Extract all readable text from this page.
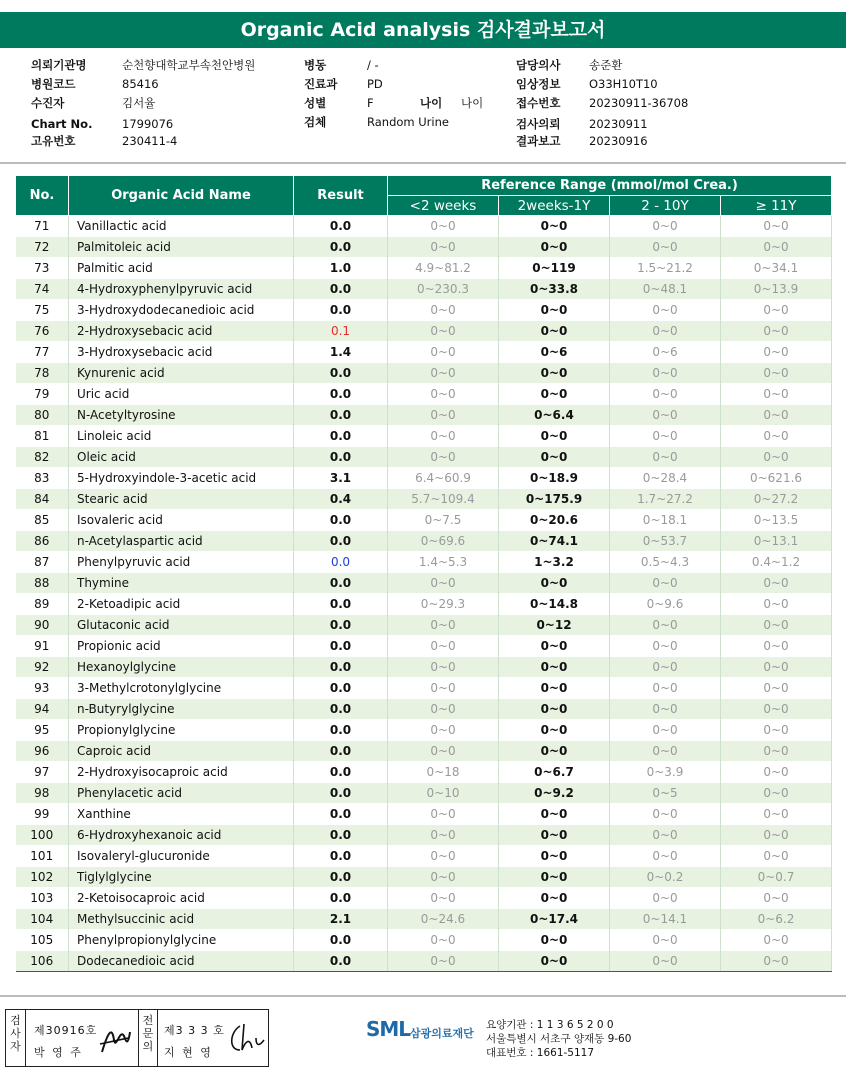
Organic Acid analysis 검사결과보고서
의뢰기관명	순천향대학교부속천안병원
병원코드	85416
수진자	김서율
Chart No.	1799076
고유번호	230411-4
병동	/ -
진료과	PD
성별	F	나이 나이
검체	Random Urine
담당의사 송준환
임상정보 O33H10T10
접수번호 20230911-36708
검사의뢰 20230911
결과보고 20230916
No.	Organic Acid Name	Result	Reference Range (mmol/mol Crea.)			
			<2 weeks	2weeks-1Y	2 - 10Y	≥ 11Y
71	Vanillactic acid	0.0	0~0	0~0	0~0	0~0
72	Palmitoleic acid	0.0	0~0	0~0	0~0	0~0
73	Palmitic acid	1.0	4.9~81.2	0~119	1.5~21.2	0~34.1
74	4-Hydroxyphenylpyruvic acid	0.0	0~230.3	0~33.8	0~48.1	0~13.9
75	3-Hydroxydodecanedioic acid	0.0	0~0	0~0	0~0	0~0
76	2-Hydroxysebacic acid	0.1	0~0	0~0	0~0	0~0
77	3-Hydroxysebacic acid	1.4	0~0	0~6	0~6	0~0
78	Kynurenic acid	0.0	0~0	0~0	0~0	0~0
79	Uric acid	0.0	0~0	0~0	0~0	0~0
80	N-Acetyltyrosine	0.0	0~0	0~6.4	0~0	0~0
81	Linoleic acid	0.0	0~0	0~0	0~0	0~0
82	Oleic acid	0.0	0~0	0~0	0~0	0~0
83	5-Hydroxyindole-3-acetic acid	3.1	6.4~60.9	0~18.9	0~28.4	0~621.6
84	Stearic acid	0.4	5.7~109.4	0~175.9	1.7~27.2	0~27.2
85	Isovaleric acid	0.0	0~7.5	0~20.6	0~18.1	0~13.5
86	n-Acetylaspartic acid	0.0	0~69.6	0~74.1	0~53.7	0~13.1
87	Phenylpyruvic acid	0.0	1.4~5.3	1~3.2	0.5~4.3	0.4~1.2
88	Thymine	0.0	0~0	0~0	0~0	0~0
89	2-Ketoadipic acid	0.0	0~29.3	0~14.8	0~9.6	0~0
90	Glutaconic acid	0.0	0~0	0~12	0~0	0~0
91	Propionic acid	0.0	0~0	0~0	0~0	0~0
92	Hexanoylglycine	0.0	0~0	0~0	0~0	0~0
93	3-Methylcrotonylglycine	0.0	0~0	0~0	0~0	0~0
94	n-Butyrylglycine	0.0	0~0	0~0	0~0	0~0
95	Propionylglycine	0.0	0~0	0~0	0~0	0~0
96	Caproic acid	0.0	0~0	0~0	0~0	0~0
97	2-Hydroxyisocaproic acid	0.0	0~18	0~6.7	0~3.9	0~0
98	Phenylacetic acid	0.0	0~10	0~9.2	0~5	0~0
99	Xanthine	0.0	0~0	0~0	0~0	0~0
100	6-Hydroxyhexanoic acid	0.0	0~0	0~0	0~0	0~0
101	Isovaleryl-glucuronide	0.0	0~0	0~0	0~0	0~0
102	Tiglylglycine	0.0	0~0	0~0	0~0.2	0~0.7
103	2-Ketoisocaproic acid	0.0	0~0	0~0	0~0	0~0
104	Methylsuccinic acid	2.1	0~24.6	0~17.4	0~14.1	0~6.2
105	Phenylpropionylglycine	0.0	0~0	0~0	0~0	0~0
106	Dodecanedioic acid	0.0	0~0	0~0	0~0	0~0
검사자
제30916호
박 영 주
전문의
제3 3 3 호
지 현 영
SML 삼광의료재단
요양기관 : 1 1 3 6 5 2 0 0
서울특별시 서초구 양재동 9-60
대표번호 : 1661-5117
